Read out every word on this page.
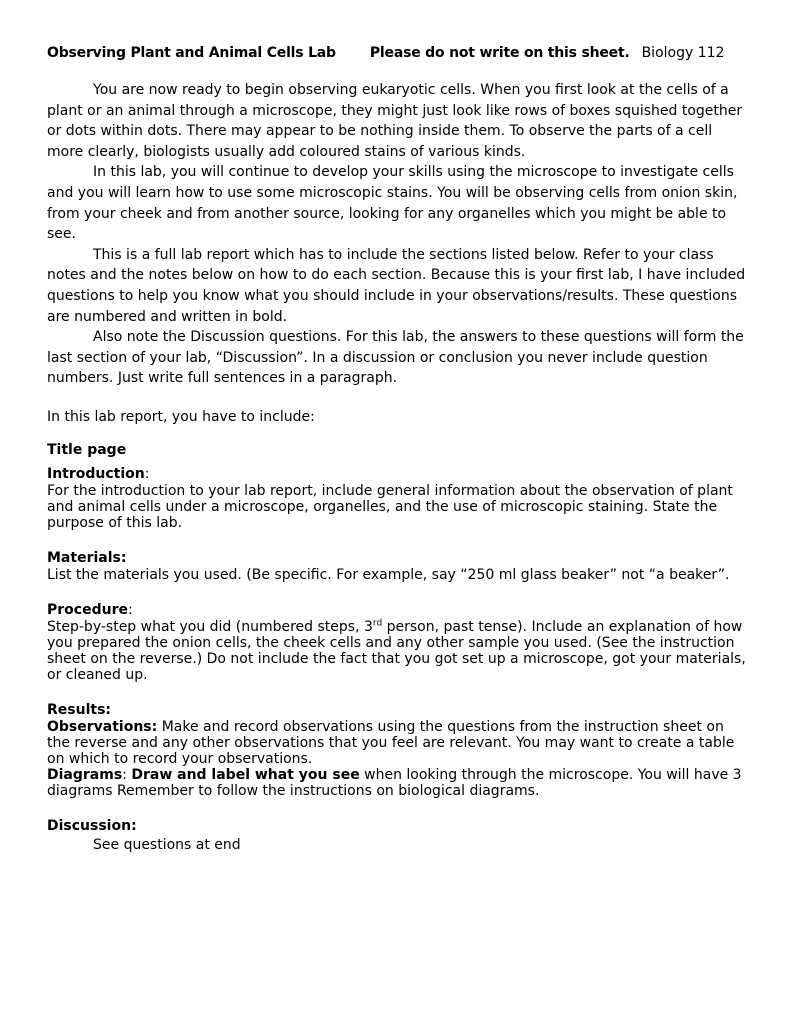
Observing Plant and Animal Cells Lab Please do not write on this sheet. Biology 112

You are now ready to begin observing eukaryotic cells. When you first look at the cells of a plant or an animal through a microscope, they might just look like rows of boxes squished together or dots within dots. There may appear to be nothing inside them. To observe the parts of a cell more clearly, biologists usually add coloured stains of various kinds.

In this lab, you will continue to develop your skills using the microscope to investigate cells and you will learn how to use some microscopic stains. You will be observing cells from onion skin, from your cheek and from another source, looking for any organelles which you might be able to see.

This is a full lab report which has to include the sections listed below. Refer to your class notes and the notes below on how to do each section. Because this is your first lab, I have included questions to help you know what you should include in your observations/results. These questions are numbered and written in bold.

Also note the Discussion questions. For this lab, the answers to these questions will form the last section of your lab, “Discussion”. In a discussion or conclusion you never include question numbers. Just write full sentences in a paragraph.

In this lab report, you have to include:

Title page

Introduction:

For the introduction to your lab report, include general information about the observation of plant and animal cells under a microscope, organelles, and the use of microscopic staining. State the purpose of this lab.

Materials:

List the materials you used. (Be specific. For example, say “250 ml glass beaker” not “a beaker”.

Procedure:

Step-by-step what you did (numbered steps, 3rd person, past tense). Include an explanation of how you prepared the onion cells, the cheek cells and any other sample you used. (See the instruction sheet on the reverse.) Do not include the fact that you got set up a microscope, got your materials, or cleaned up.

Results:

Observations: Make and record observations using the questions from the instruction sheet on the reverse and any other observations that you feel are relevant. You may want to create a table on which to record your observations.

Diagrams: Draw and label what you see when looking through the microscope. You will have 3 diagrams Remember to follow the instructions on biological diagrams.

Discussion:

See questions at end
